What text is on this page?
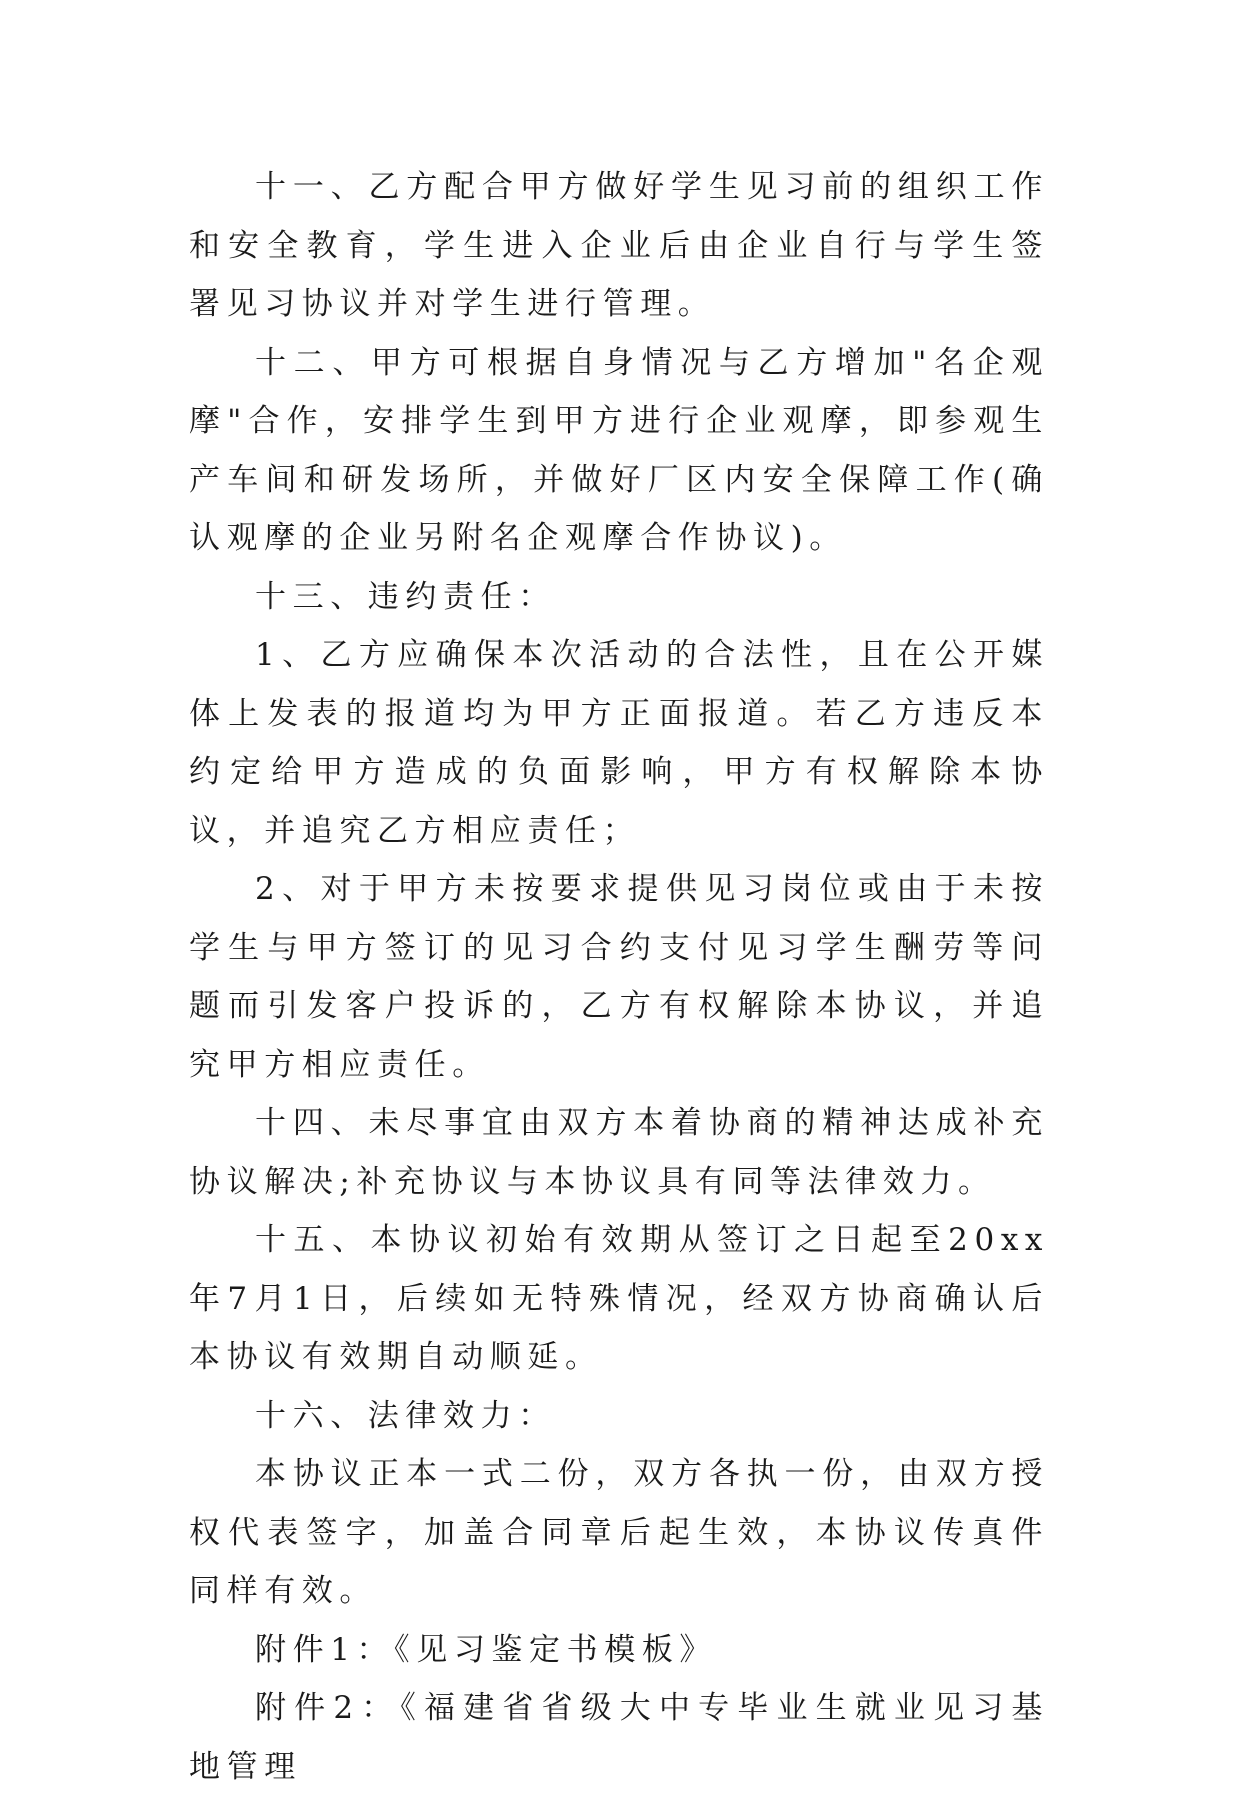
十一、乙方配合甲方做好学生见习前的组织工作和安全教育，学生进入企业后由企业自行与学生签署见习协议并对学生进行管理。

十二、甲方可根据自身情况与乙方增加"名企观摩"合作，安排学生到甲方进行企业观摩，即参观生产车间和研发场所，并做好厂区内安全保障工作(确认观摩的企业另附名企观摩合作协议)。

十三、违约责任：

1、乙方应确保本次活动的合法性，且在公开媒体上发表的报道均为甲方正面报道。若乙方违反本约定给甲方造成的负面影响，甲方有权解除本协议，并追究乙方相应责任；

2、对于甲方未按要求提供见习岗位或由于未按学生与甲方签订的见习合约支付见习学生酬劳等问题而引发客户投诉的，乙方有权解除本协议，并追究甲方相应责任。

十四、未尽事宜由双方本着协商的精神达成补充协议解决;补充协议与本协议具有同等法律效力。

十五、本协议初始有效期从签订之日起至20xx年7月1日，后续如无特殊情况，经双方协商确认后本协议有效期自动顺延。

十六、法律效力：

本协议正本一式二份，双方各执一份，由双方授权代表签字，加盖合同章后起生效，本协议传真件同样有效。

附件1：《见习鉴定书模板》

附件2：《福建省省级大中专毕业生就业见习基地管理
